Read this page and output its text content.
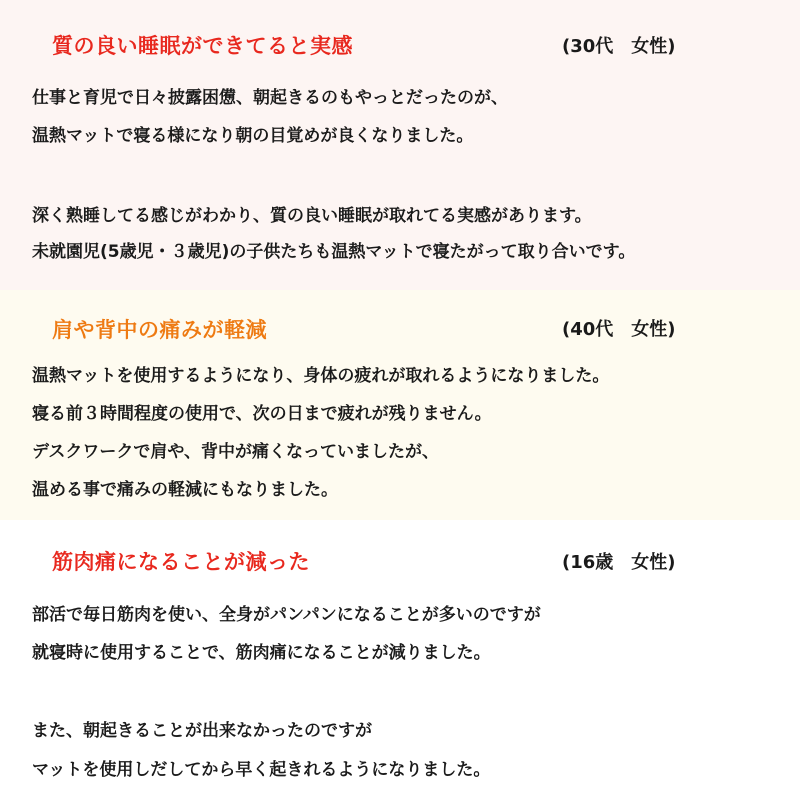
質の良い睡眠ができてると実感	(30代　女性)
仕事と育児で日々披露困憊、朝起きるのもやっとだったのが、
温熱マットで寝る様になり朝の目覚めが良くなりました。
深く熟睡してる感じがわかり、質の良い睡眠が取れてる実感があります。
未就園児(5歳児・３歳児)の子供たちも温熱マットで寝たがって取り合いです。
肩や背中の痛みが軽減	(40代　女性)
温熱マットを使用するようになり、身体の疲れが取れるようになりました。
寝る前３時間程度の使用で、次の日まで疲れが残りません。
デスクワークで肩や、背中が痛くなっていましたが、
温める事で痛みの軽減にもなりました。
筋肉痛になることが減った	(16歳　女性)
部活で毎日筋肉を使い、全身がパンパンになることが多いのですが
就寝時に使用することで、筋肉痛になることが減りました。
また、朝起きることが出来なかったのですが
マットを使用しだしてから早く起きれるようになりました。
